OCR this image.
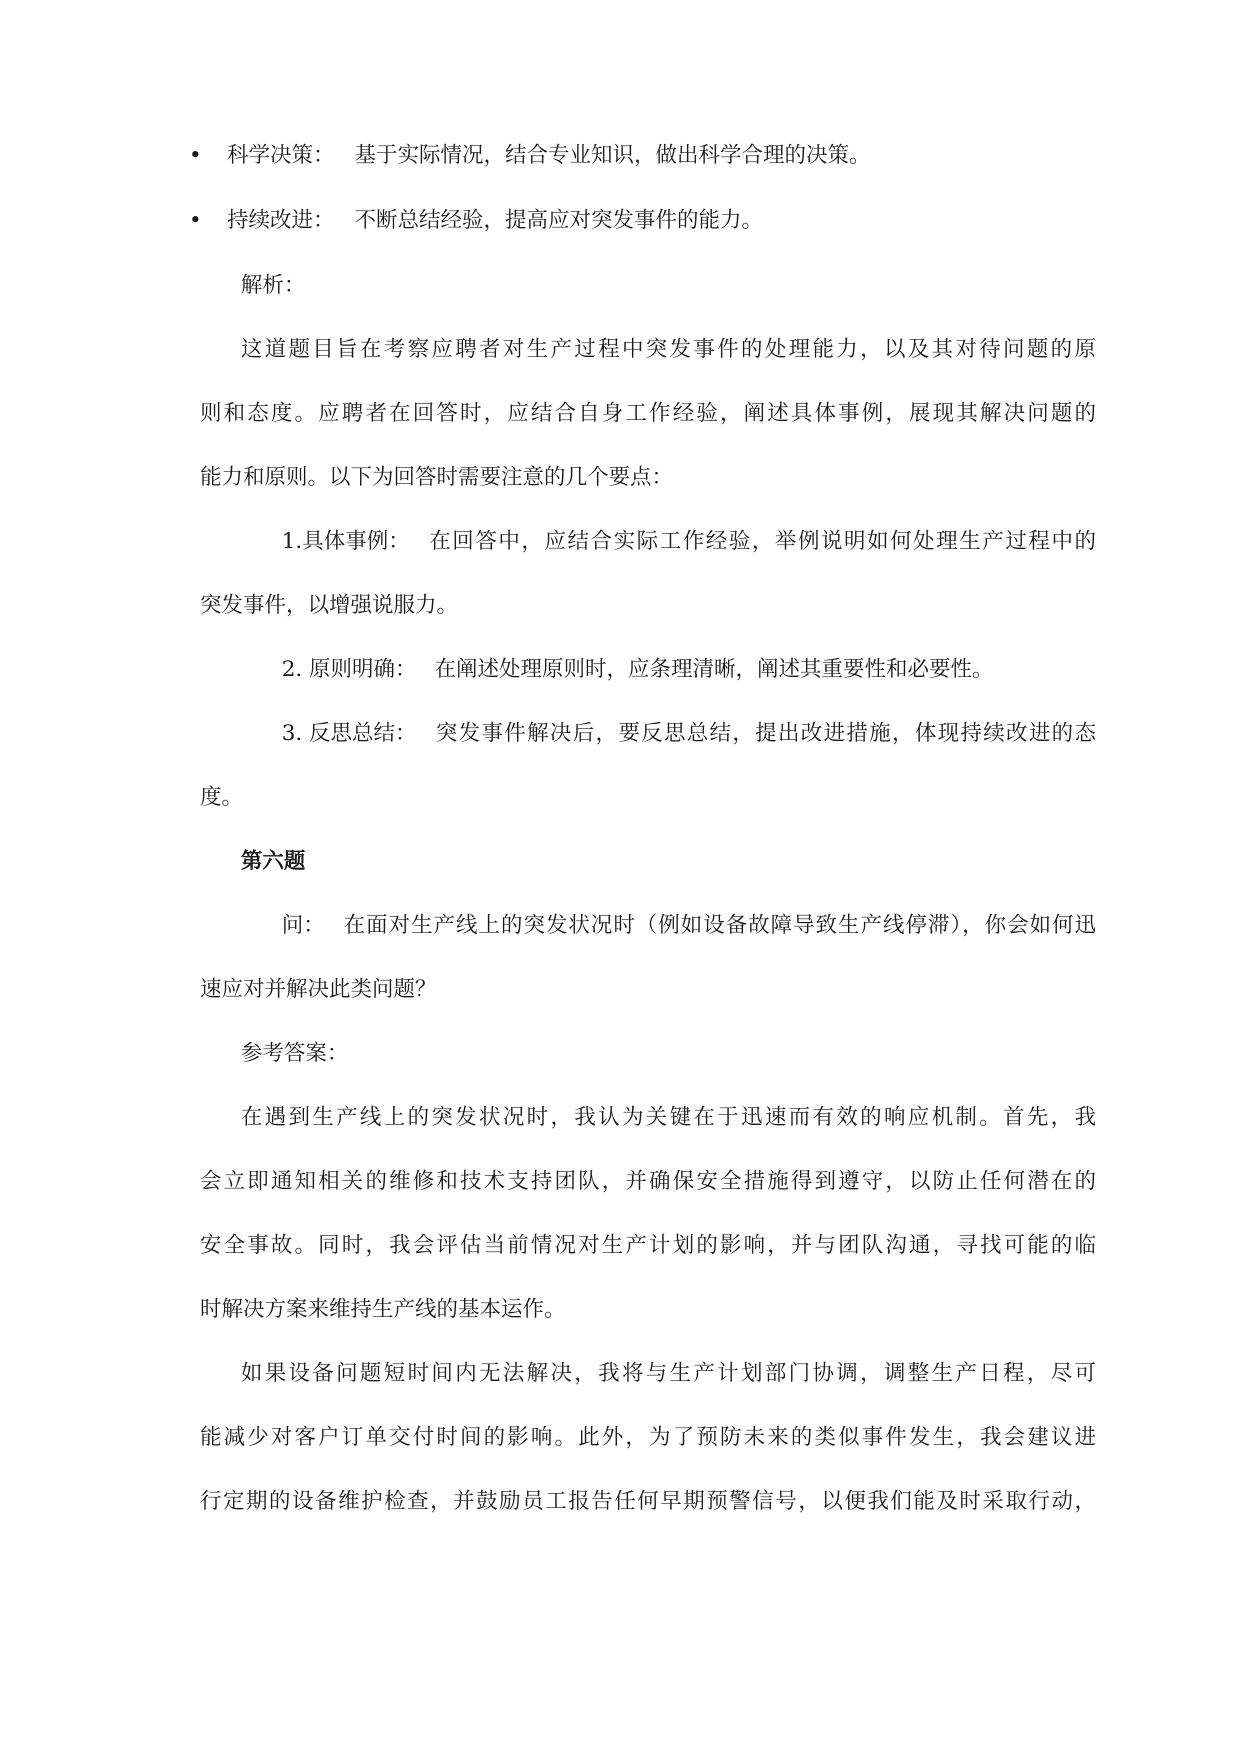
• 科学决策： 基于实际情况，结合专业知识，做出科学合理的决策。
• 持续改进： 不断总结经验，提高应对突发事件的能力。

解析：

这道题目旨在考察应聘者对生产过程中突发事件的处理能力，以及其对待问题的原
则和态度。应聘者在回答时，应结合自身工作经验，阐述具体事例，展现其解决问题的
能力和原则。以下为回答时需要注意的几个要点：

1.具体事例： 在回答中，应结合实际工作经验，举例说明如何处理生产过程中的
突发事件，以增强说服力。

2. 原则明确： 在阐述处理原则时，应条理清晰，阐述其重要性和必要性。

3. 反思总结： 突发事件解决后，要反思总结，提出改进措施，体现持续改进的态
度。

第六题

问： 在面对生产线上的突发状况时（例如设备故障导致生产线停滞），你会如何迅
速应对并解决此类问题？

参考答案：

在遇到生产线上的突发状况时，我认为关键在于迅速而有效的响应机制。首先，我
会立即通知相关的维修和技术支持团队，并确保安全措施得到遵守，以防止任何潜在的
安全事故。同时，我会评估当前情况对生产计划的影响，并与团队沟通，寻找可能的临
时解决方案来维持生产线的基本运作。

如果设备问题短时间内无法解决，我将与生产计划部门协调，调整生产日程，尽可
能减少对客户订单交付时间的影响。此外，为了预防未来的类似事件发生，我会建议进
行定期的设备维护检查，并鼓励员工报告任何早期预警信号，以便我们能及时采取行动，
